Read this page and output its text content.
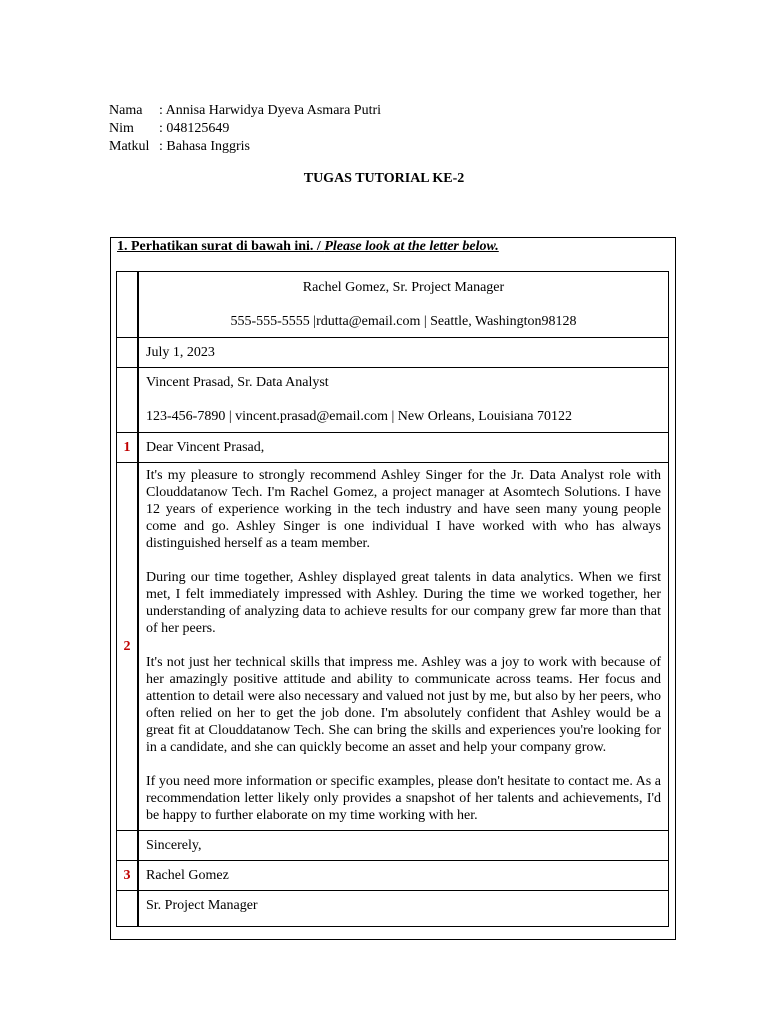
Nama	: Annisa Harwidya Dyeva Asmara Putri
Nim	: 048125649
Matkul : Bahasa Inggris
TUGAS TUTORIAL KE-2
1. Perhatikan surat di bawah ini. / Please look at the letter below.

	Rachel Gomez, Sr. Project Manager

555-555-5555 |rdutta@email.com | Seattle, Washington98128

	July 1, 2023

	Vincent Prasad, Sr. Data Analyst

123-456-7890 | vincent.prasad@email.com | New Orleans, Louisiana 70122

1	Dear Vincent Prasad,
2	It's my pleasure to strongly recommend Ashley Singer for the Jr. Data Analyst role with Clouddatanow Tech. I'm Rachel Gomez, a project manager at Asomtech Solutions. I have 12 years of experience working in the tech industry and have seen many young people come and go. Ashley Singer is one individual I have worked with who has always distinguished herself as a team member.

During our time together, Ashley displayed great talents in data analytics. When we first met, I felt immediately impressed with Ashley. During the time we worked together, her understanding of analyzing data to achieve results for our company grew far more than that of her peers.

It's not just her technical skills that impress me. Ashley was a joy to work with because of her amazingly positive attitude and ability to communicate across teams. Her focus and attention to detail were also necessary and valued not just by me, but also by her peers, who often relied on her to get the job done. I'm absolutely confident that Ashley would be a great fit at Clouddatanow Tech. She can bring the skills and experiences you're looking for in a candidate, and she can quickly become an asset and help your company grow.

If you need more information or specific examples, please don't hesitate to contact me. As a recommendation letter likely only provides a snapshot of her talents and achievements, I'd be happy to further elaborate on my time working with her.

	Sincerely,
3	Rachel Gomez
	Sr. Project Manager
